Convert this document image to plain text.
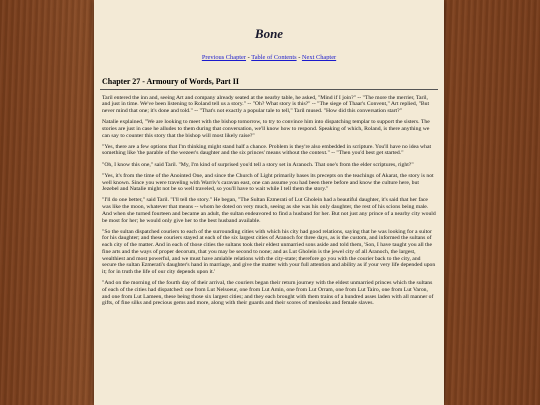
Bone
Previous Chapter - Table of Contents - Next Chapter
Chapter 27 - Armoury of Words, Part II

Taril entered the inn and, seeing Art and company already seated at the nearby table, he asked, "Mind if I join?" -- "The more the merrier, Taril, and just in time. We've been listening to Roland tell us a story." -- "Oh? What story is this?" -- "The siege of Thaar's Convent," Art replied, "But never mind that one; it's done and told." -- "That's not exactly a popular tale to tell," Taril mused. "How did this conversation start?"

Natalie explained, "We are looking to meet with the bishop tomorrow, to try to convince him into dispatching templar to support the sisters. The stories are just in case he alludes to them during that conversation, we'll know how to respond. Speaking of which, Roland, is there anything we can say to counter this story that the bishop will most likely raise?"

"Yes, there are a few options that I'm thinking might stand half a chance. Problem is they're also embedded in scripture. You'll have no idea what something like 'the parable of the wezeer's daughter and the six princes' means without the context." -- "Then you'd best get started."

"Oh, I know this one," said Taril. "My, I'm kind of surprised you'd tell a story set in Aranoch. That one's from the elder scriptures, right?"

"Yes, it's from the time of the Anointed One, and since the Church of Light primarily bases its precepts on the teachings of Akarat, the story is not well known. Since you were traveling with Warriv's caravan east, one can assume you had been there before and know the culture here, but Jezebel and Natalie might not be so well traveled, so you'll have to wait while I tell them the story."

"I'll do one better," said Taril. "I'll tell the story." He began, "The Sultan Ezmerati of Lut Gholein had a beautiful daughter, it's said that her face was like the moon, whatever that means -- whom he doted on very much, seeing as she was his only daughter, the rest of his scions being male. And when she turned fourteen and became an adult, the sultan endeavored to find a husband for her. But not just any prince of a nearby city would be most for her; he would only give her to the best husband available.

"So the sultan dispatched couriers to each of the surrounding cities with which his city had good relations, saying that he was looking for a suitor for his daughter; and these couriers stayed at each of the six largest cities of Aranoch for three days, as is the custom, and informed the sultans of each city of the matter. And in each of those cities the sultans took their eldest unmarried sons aside and told them, 'Son, I have taught you all the fine arts and the ways of proper decorum, that you may be second to none; and as Lut Gholein is the jewel city of all Aranoch, the largest, wealthiest and most powerful, and we must have amiable relations with the city-state; therefore go you with the courier back to the city, and secure the sultan Ezmerati's daughter's hand in marriage, and give the matter with your full attention and ability as if your very life depended upon it; for in truth the life of our city depends upon it.'

"And on the morning of the fourth day of their arrival, the couriers began their return journey with the eldest unmarried princes which the sultans of each of the cities had dispatched: one from Lut Nelsoeur, one from Lut Amin, one from Lut Orram, one from Lut Tairo, one from Lut Varon, and one from Lut Lameen, these being those six largest cities; and they each brought with them trains of a hundred asses laden with all manner of gifts, of fine silks and precious gems and more, along with their guards and their scores of menlooks and female slaves.
